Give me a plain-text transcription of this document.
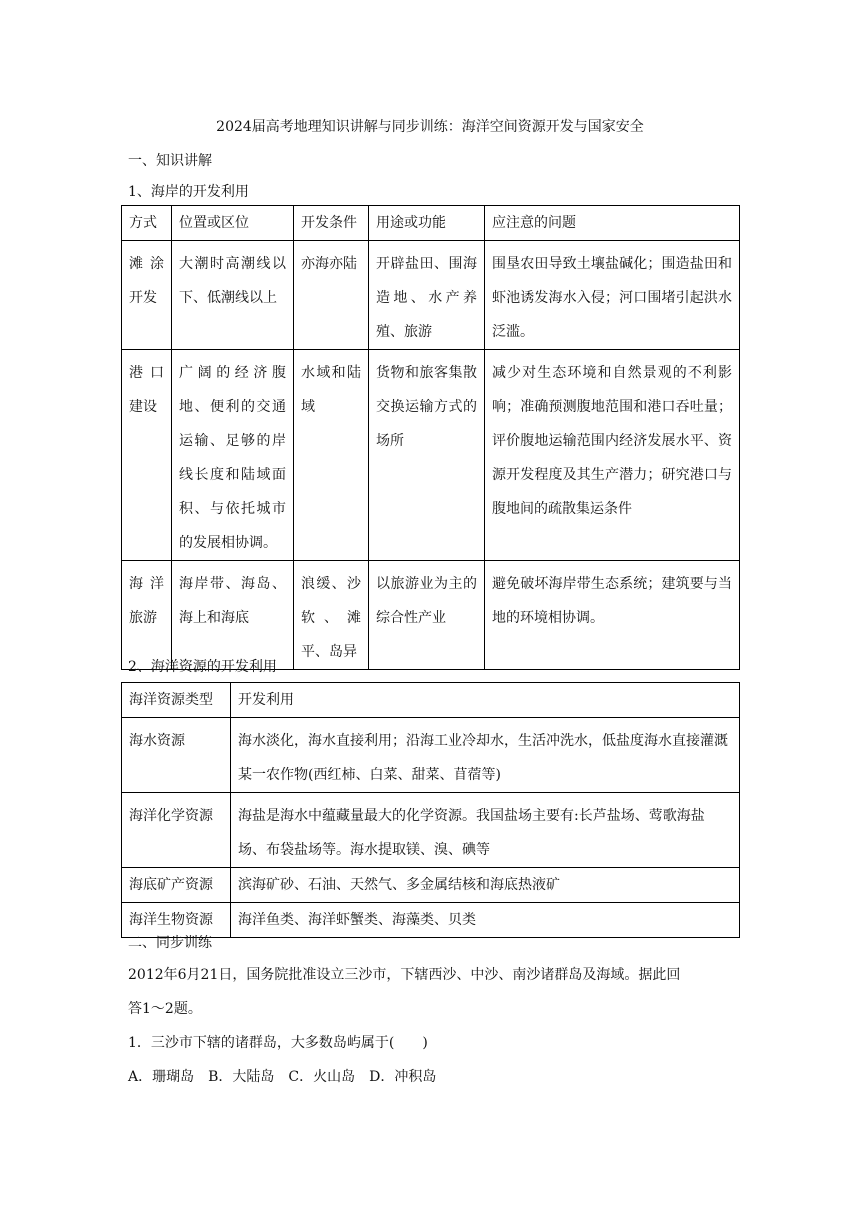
2024届高考地理知识讲解与同步训练：海洋空间资源开发与国家安全
一、知识讲解
1、海岸的开发利用
方式	位置或区位	开发条件	用途或功能	应注意的问题
滩涂开发	大潮时高潮线以下、低潮线以上	亦海亦陆	开辟盐田、围海造地、水产养殖、旅游	围垦农田导致土壤盐碱化；围造盐田和虾池诱发海水入侵；河口围堵引起洪水泛滥。
港口建设	广阔的经济腹地、便利的交通运输、足够的岸线长度和陆域面积、与依托城市的发展相协调。	水域和陆域	货物和旅客集散交换运输方式的场所	减少对生态环境和自然景观的不利影响；准确预测腹地范围和港口吞吐量；评价腹地运输范围内经济发展水平、资源开发程度及其生产潜力；研究港口与腹地间的疏散集运条件
海洋旅游	海岸带、海岛、海上和海底	浪缓、沙软、滩平、岛异	以旅游业为主的综合性产业	避免破坏海岸带生态系统；建筑要与当地的环境相协调。
2、海洋资源的开发利用
海洋资源类型	开发利用
海水资源	海水淡化，海水直接利用；沿海工业冷却水，生活冲洗水，低盐度海水直接灌溉某一农作物(西红柿、白菜、甜菜、苜蓿等)
海洋化学资源	海盐是海水中蕴藏量最大的化学资源。我国盐场主要有:长芦盐场、莺歌海盐场、布袋盐场等。海水提取镁、溴、碘等
海底矿产资源	滨海矿砂、石油、天然气、多金属结核和海底热液矿
海洋生物资源	海洋鱼类、海洋虾蟹类、海藻类、贝类
二、同步训练
2012年6月21日，国务院批准设立三沙市，下辖西沙、中沙、南沙诸群岛及海域。据此回
答1～2题。
1．三沙市下辖的诸群岛，大多数岛屿属于(　　)
A．珊瑚岛　B．大陆岛　C．火山岛　D．冲积岛
